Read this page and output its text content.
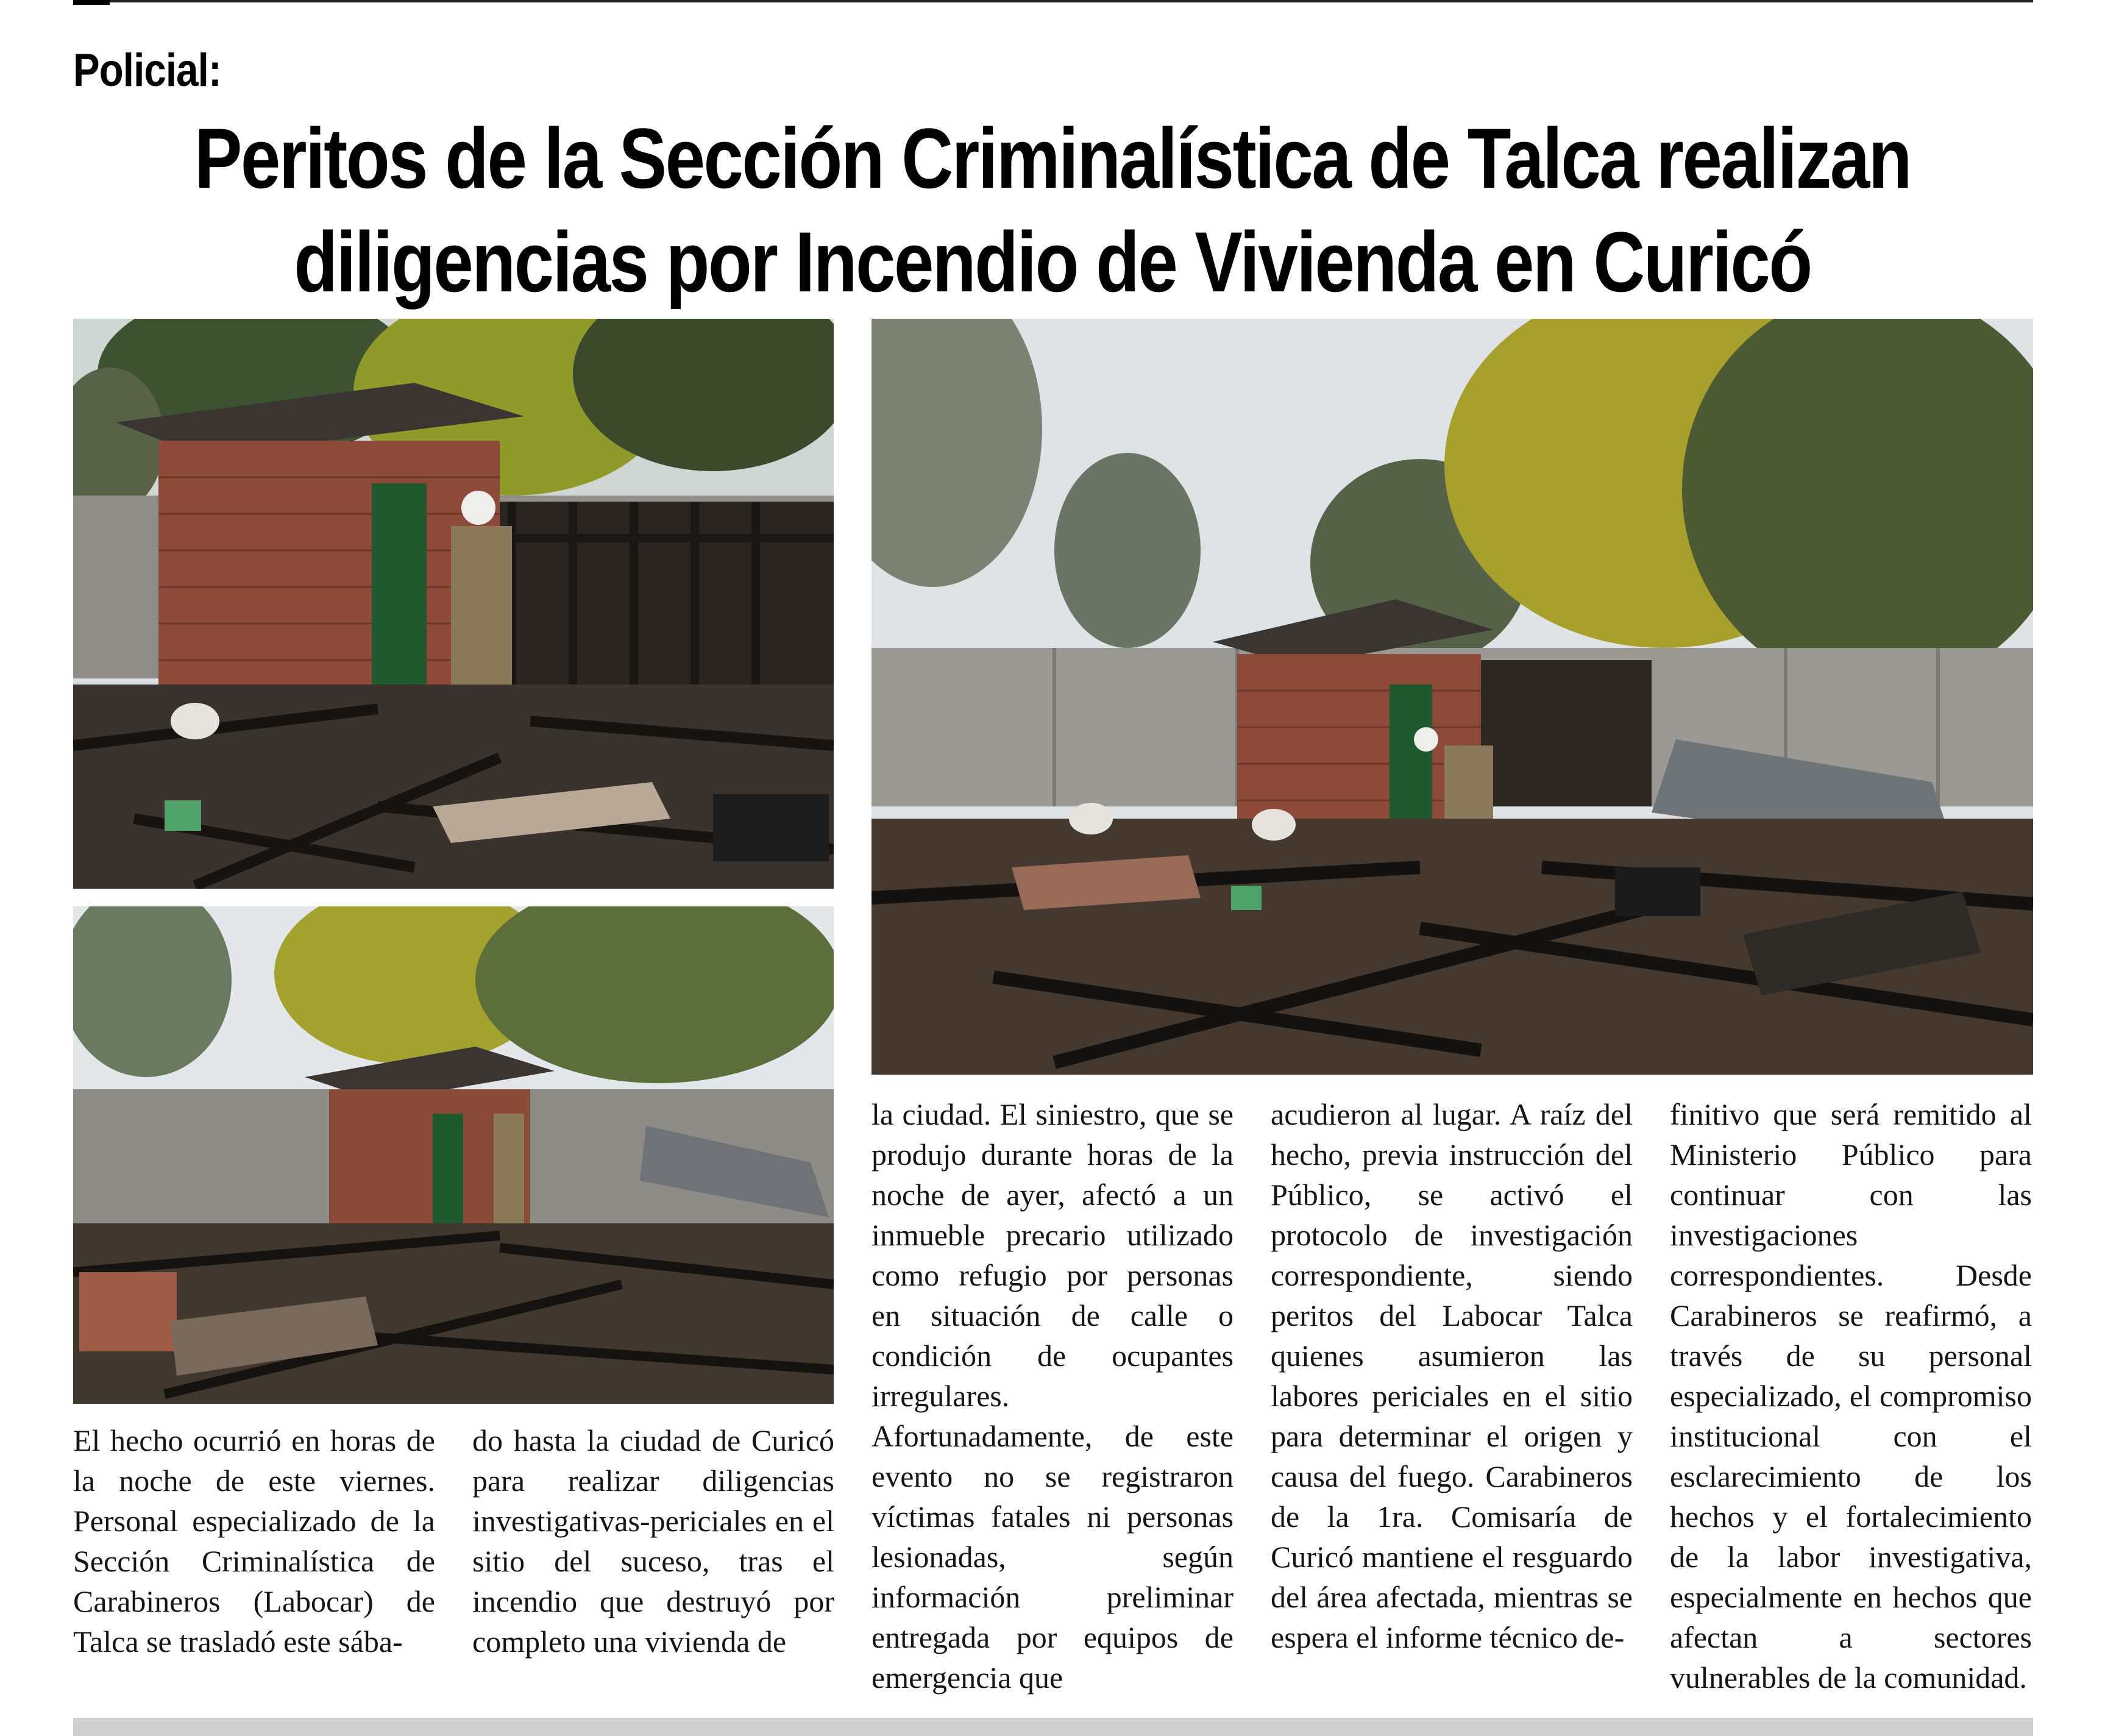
Policial:
Peritos de la Sección Criminalística de Talca realizan
diligencias por Incendio de Vivienda en Curicó
El hecho ocurrió en horas de la noche de este viernes. Personal especializado de la Sección Criminalística de Carabineros (Labocar) de Talca se trasladó este sába-
do hasta la ciudad de Curicó para realizar diligencias investigativas-periciales en el sitio del suceso, tras el incendio que destruyó por completo una vivienda de
la ciudad. El siniestro, que se produjo durante horas de la noche de ayer, afectó a un inmueble precario utilizado como refugio por personas en situación de calle o condición de ocupantes irregulares. Afortunadamente, de este evento no se registraron víctimas fatales ni personas lesionadas, según información preliminar entregada por equipos de emergencia que
acudieron al lugar. A raíz del hecho, previa instrucción del Público, se activó el protocolo de investigación correspondiente, siendo peritos del Labocar Talca quienes asumieron las labores periciales en el sitio para determinar el origen y causa del fuego. Carabineros de la 1ra. Comisaría de Curicó mantiene el resguardo del área afectada, mientras se espera el informe técnico de-
finitivo que será remitido al Ministerio Público para continuar con las investigaciones correspondientes. Desde Carabineros se reafirmó, a través de su personal especializado, el compromiso institucional con el esclarecimiento de los hechos y el fortalecimiento de la labor investigativa, especialmente en hechos que afectan a sectores vulnerables de la comunidad.
